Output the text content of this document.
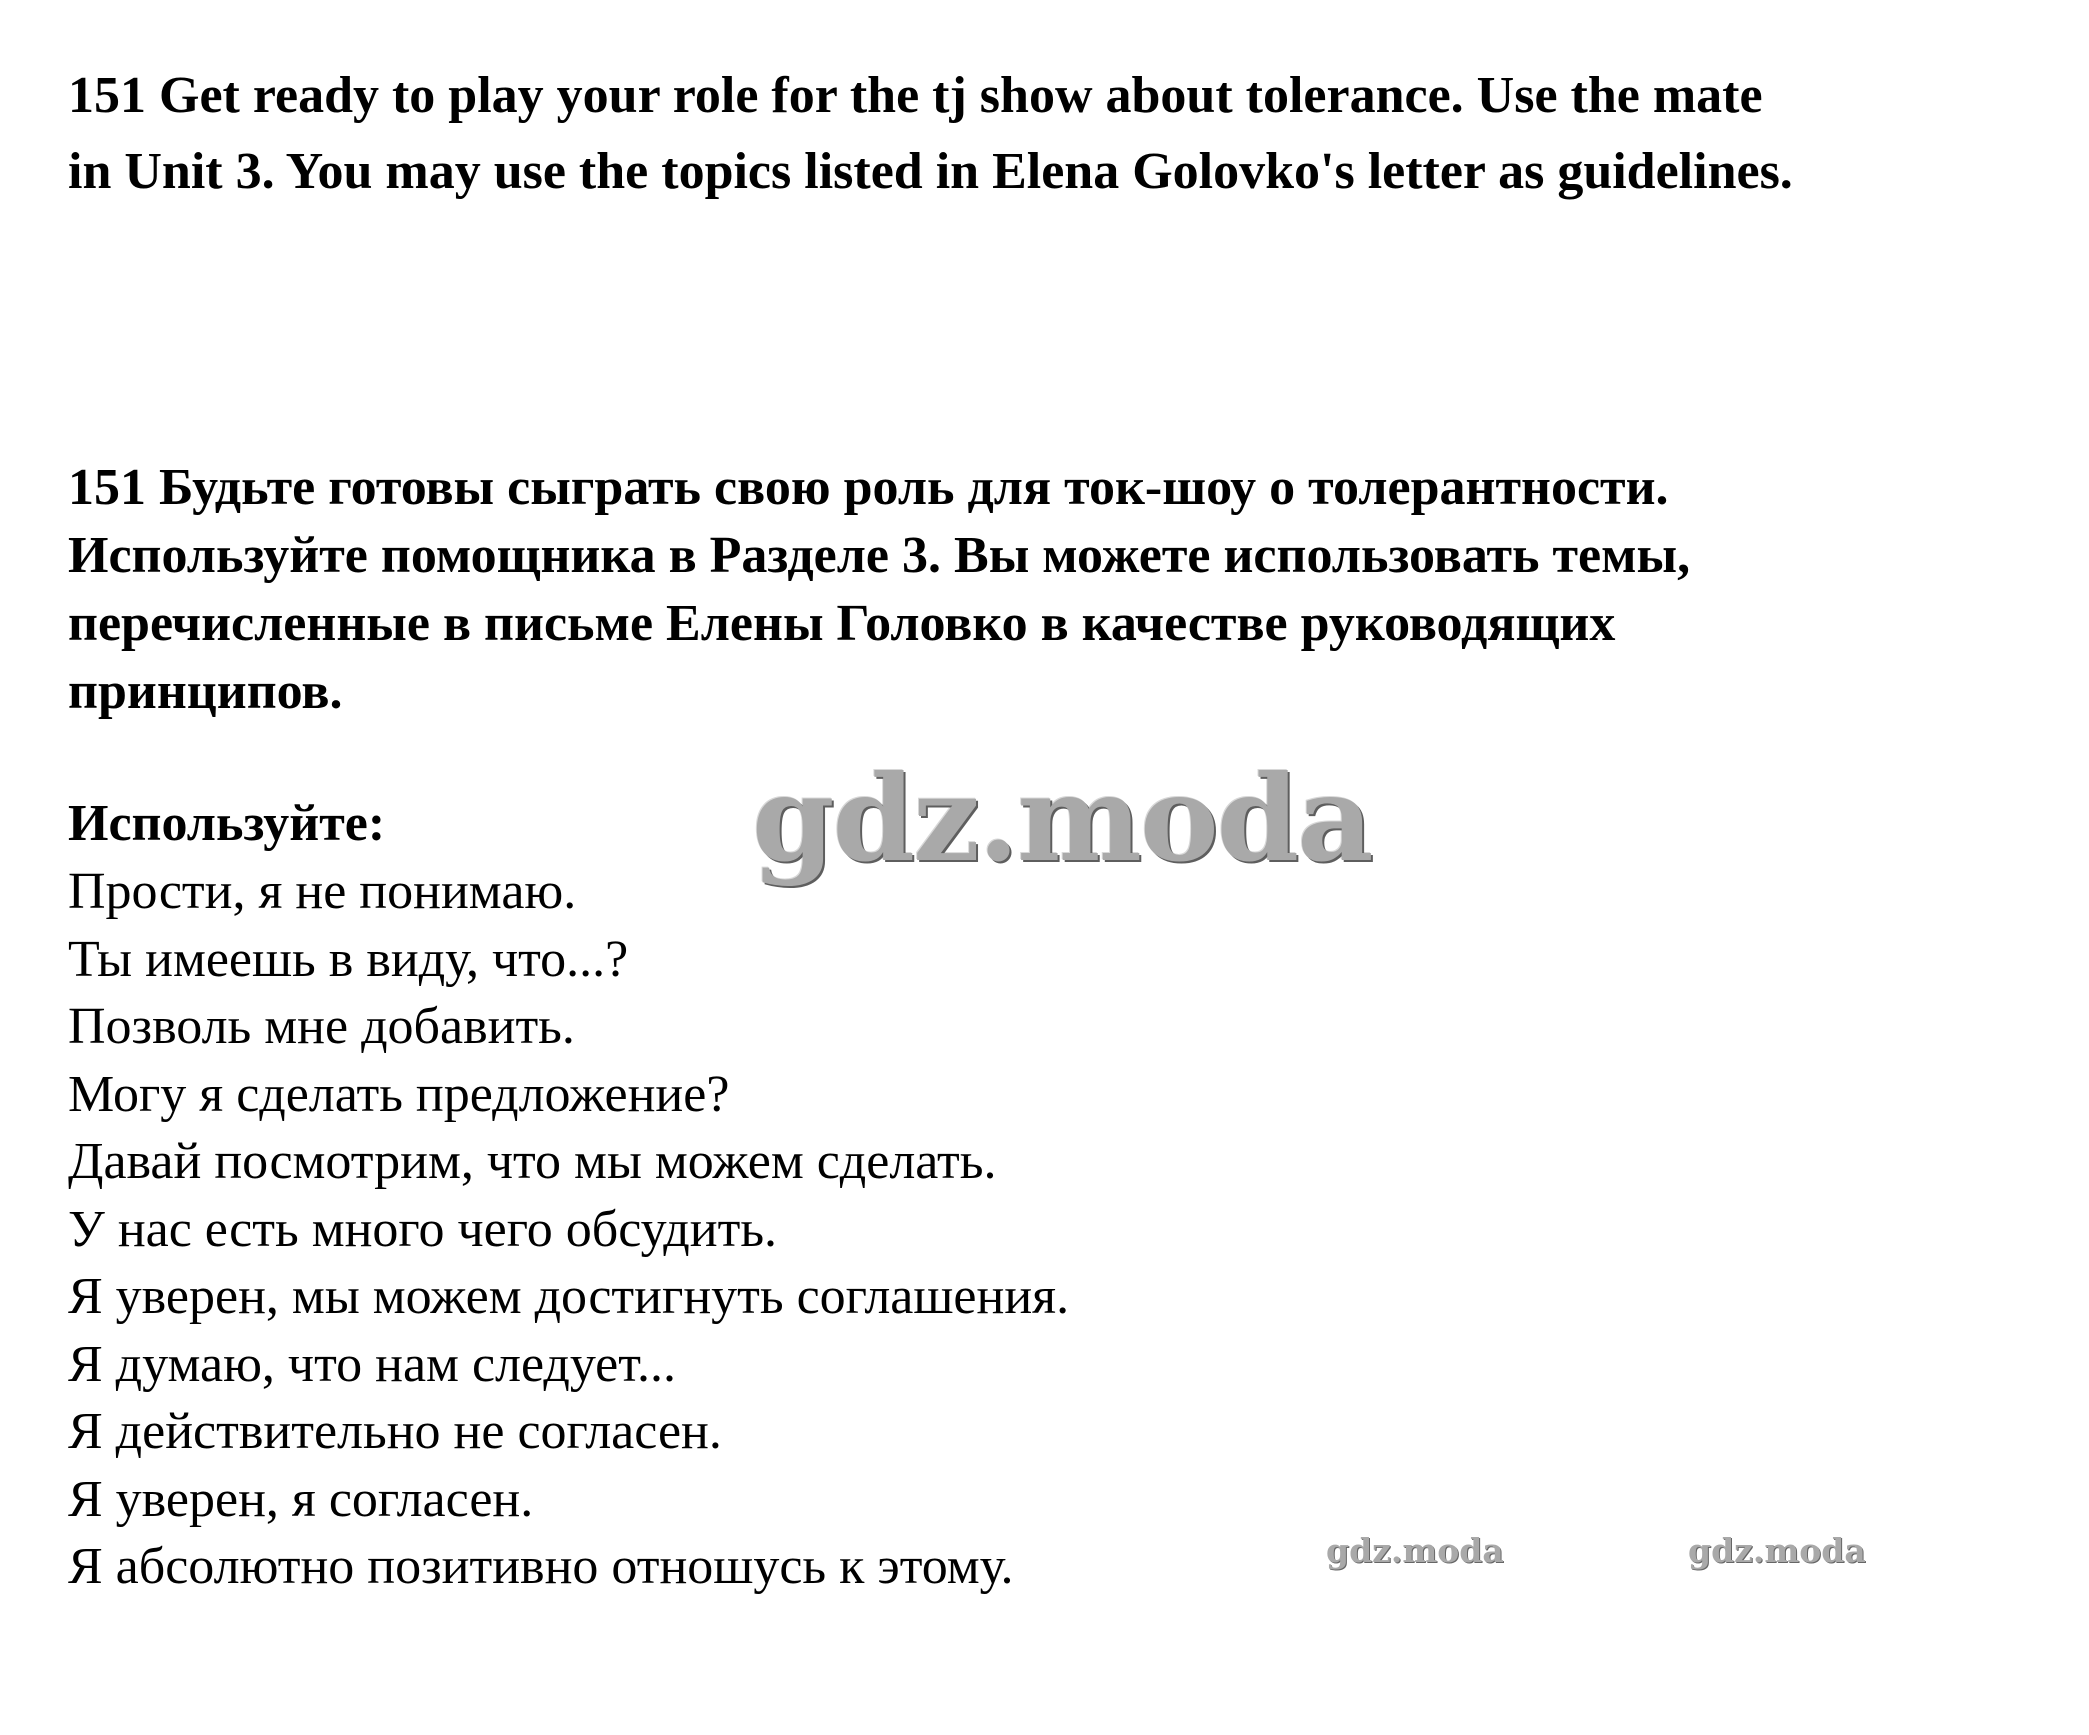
151 Get ready to play your role for the tj show about tolerance. Use the mate
in Unit 3. You may use the topics listed in Elena Golovko's letter as guidelines.
151 Будьте готовы сыграть свою роль для ток-шоу о толерантности.
Используйте помощника в Разделе 3. Вы можете использовать темы,
перечисленные в письме Елены Головко в качестве руководящих
принципов.
Используйте:
Прости, я не понимаю.
Ты имеешь в виду, что...?
Позволь мне добавить.
Могу я сделать предложение?
Давай посмотрим, что мы можем сделать.
У нас есть много чего обсудить.
Я уверен, мы можем достигнуть соглашения.
Я думаю, что нам следует...
Я действительно не согласен.
Я уверен, я согласен.
Я абсолютно позитивно отношусь к этому.
gdz.moda
gdz.moda	gdz.moda
